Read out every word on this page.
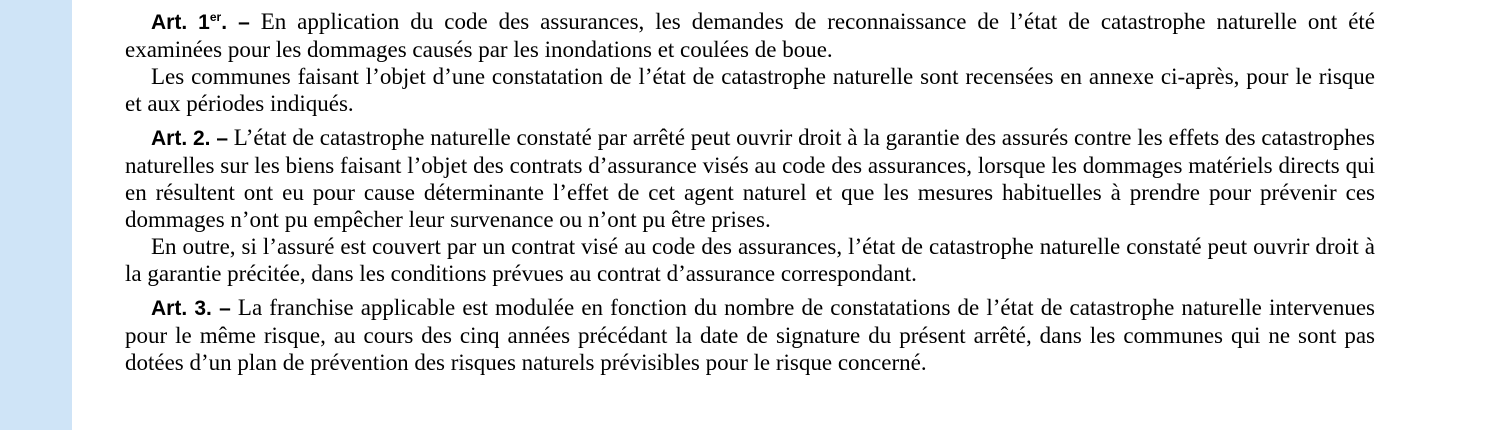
Art. 1er. – En application du code des assurances, les demandes de reconnaissance de l’état de catastrophe naturelle ont été examinées pour les dommages causés par les inondations et coulées de boue.

Les communes faisant l’objet d’une constatation de l’état de catastrophe naturelle sont recensées en annexe ci-après, pour le risque et aux périodes indiqués.

Art. 2. – L’état de catastrophe naturelle constaté par arrêté peut ouvrir droit à la garantie des assurés contre les effets des catastrophes naturelles sur les biens faisant l’objet des contrats d’assurance visés au code des assurances, lorsque les dommages matériels directs qui en résultent ont eu pour cause déterminante l’effet de cet agent naturel et que les mesures habituelles à prendre pour prévenir ces dommages n’ont pu empêcher leur survenance ou n’ont pu être prises.

En outre, si l’assuré est couvert par un contrat visé au code des assurances, l’état de catastrophe naturelle constaté peut ouvrir droit à la garantie précitée, dans les conditions prévues au contrat d’assurance correspondant.

Art. 3. – La franchise applicable est modulée en fonction du nombre de constatations de l’état de catastrophe naturelle intervenues pour le même risque, au cours des cinq années précédant la date de signature du présent arrêté, dans les communes qui ne sont pas dotées d’un plan de prévention des risques naturels prévisibles pour le risque concerné.
